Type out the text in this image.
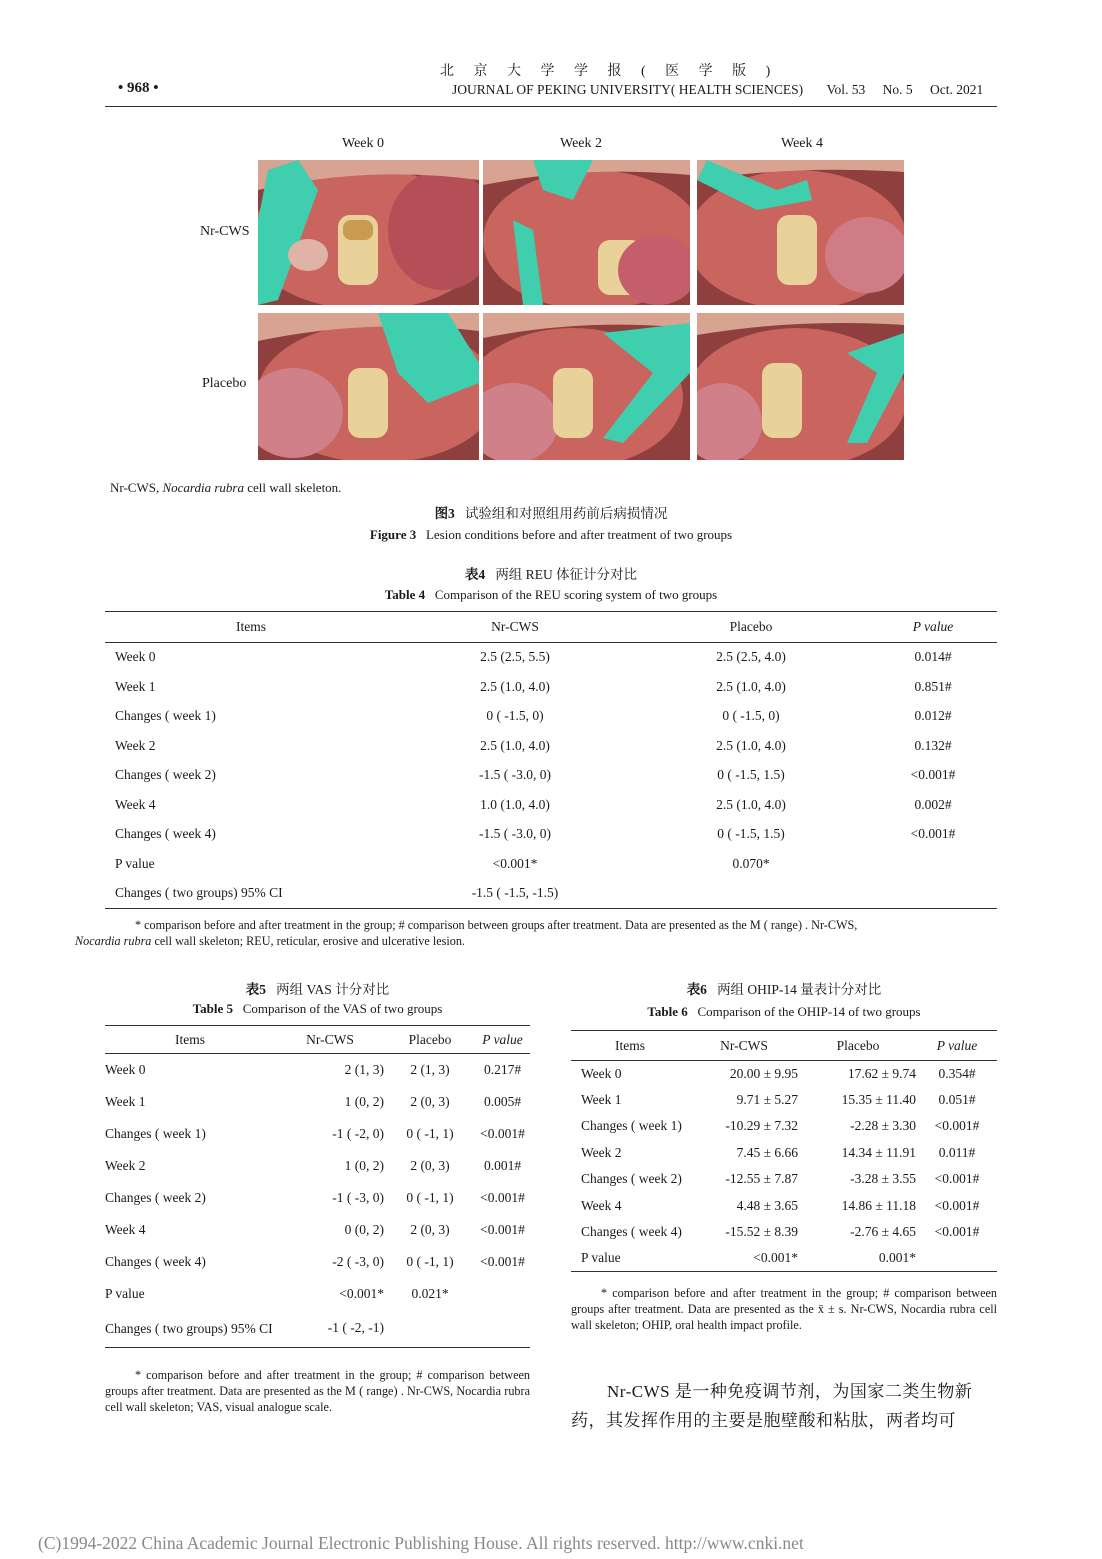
• 968 •
北 京 大 学 学 报 ( 医 学 版 )
JOURNAL OF PEKING UNIVERSITY( HEALTH SCIENCES) Vol. 53 No. 5 Oct. 2021
Week 0	Week 2	Week 4
Nr-CWS
Placebo
Nr-CWS, Nocardia rubra cell wall skeleton.
图3 试验组和对照组用药前后病损情况
Figure 3 Lesion conditions before and after treatment of two groups
表4 两组 REU 体征计分对比
Table 4 Comparison of the REU scoring system of two groups
Items	Nr-CWS	Placebo	P value
Week 0	2.5 (2.5, 5.5)	2.5 (2.5, 4.0)	0.014#
Week 1	2.5 (1.0, 4.0)	2.5 (1.0, 4.0)	0.851#
Changes ( week 1)	0 ( -1.5, 0)	0 ( -1.5, 0)	0.012#
Week 2	2.5 (1.0, 4.0)	2.5 (1.0, 4.0)	0.132#
Changes ( week 2)	-1.5 ( -3.0, 0)	0 ( -1.5, 1.5)	<0.001#
Week 4	1.0 (1.0, 4.0)	2.5 (1.0, 4.0)	0.002#
Changes ( week 4)	-1.5 ( -3.0, 0)	0 ( -1.5, 1.5)	<0.001#
P value	<0.001*	0.070*	
Changes ( two groups) 95% CI	-1.5 ( -1.5, -1.5)		
* comparison before and after treatment in the group; # comparison between groups after treatment. Data are presented as the M ( range) . Nr-CWS,
Nocardia rubra cell wall skeleton; REU, reticular, erosive and ulcerative lesion.
表5 两组 VAS 计分对比
Table 5 Comparison of the VAS of two groups
Items	Nr-CWS	Placebo	P value
Week 0	2 (1, 3)	2 (1, 3)	0.217#
Week 1	1 (0, 2)	2 (0, 3)	0.005#
Changes ( week 1)	-1 ( -2, 0)	0 ( -1, 1)	<0.001#
Week 2	1 (0, 2)	2 (0, 3)	0.001#
Changes ( week 2)	-1 ( -3, 0)	0 ( -1, 1)	<0.001#
Week 4	0 (0, 2)	2 (0, 3)	<0.001#
Changes ( week 4)	-2 ( -3, 0)	0 ( -1, 1)	<0.001#
P value	<0.001*	0.021*	
Changes ( two groups) 95% CI	-1 ( -2, -1)		
* comparison before and after treatment in the group; # comparison between groups after treatment. Data are presented as the M ( range) . Nr-CWS, Nocardia rubra cell wall skeleton; VAS, visual analogue scale.
表6 两组 OHIP-14 量表计分对比
Table 6 Comparison of the OHIP-14 of two groups
Items	Nr-CWS	Placebo	P value
Week 0	20.00 ± 9.95	17.62 ± 9.74	0.354#
Week 1	9.71 ± 5.27	15.35 ± 11.40	0.051#
Changes ( week 1)	-10.29 ± 7.32	-2.28 ± 3.30	<0.001#
Week 2	7.45 ± 6.66	14.34 ± 11.91	0.011#
Changes ( week 2)	-12.55 ± 7.87	-3.28 ± 3.55	<0.001#
Week 4	4.48 ± 3.65	14.86 ± 11.18	<0.001#
Changes ( week 4)	-15.52 ± 8.39	-2.76 ± 4.65	<0.001#
P value	<0.001*	0.001*	
* comparison before and after treatment in the group; # comparison between groups after treatment. Data are presented as the x̄ ± s. Nr-CWS, Nocardia rubra cell wall skeleton; OHIP, oral health impact profile.
Nr-CWS 是一种免疫调节剂，为国家二类生物新药，其发挥作用的主要是胞壁酸和粘肽，两者均可
(C)1994-2022 China Academic Journal Electronic Publishing House. All rights reserved. http://www.cnki.net
